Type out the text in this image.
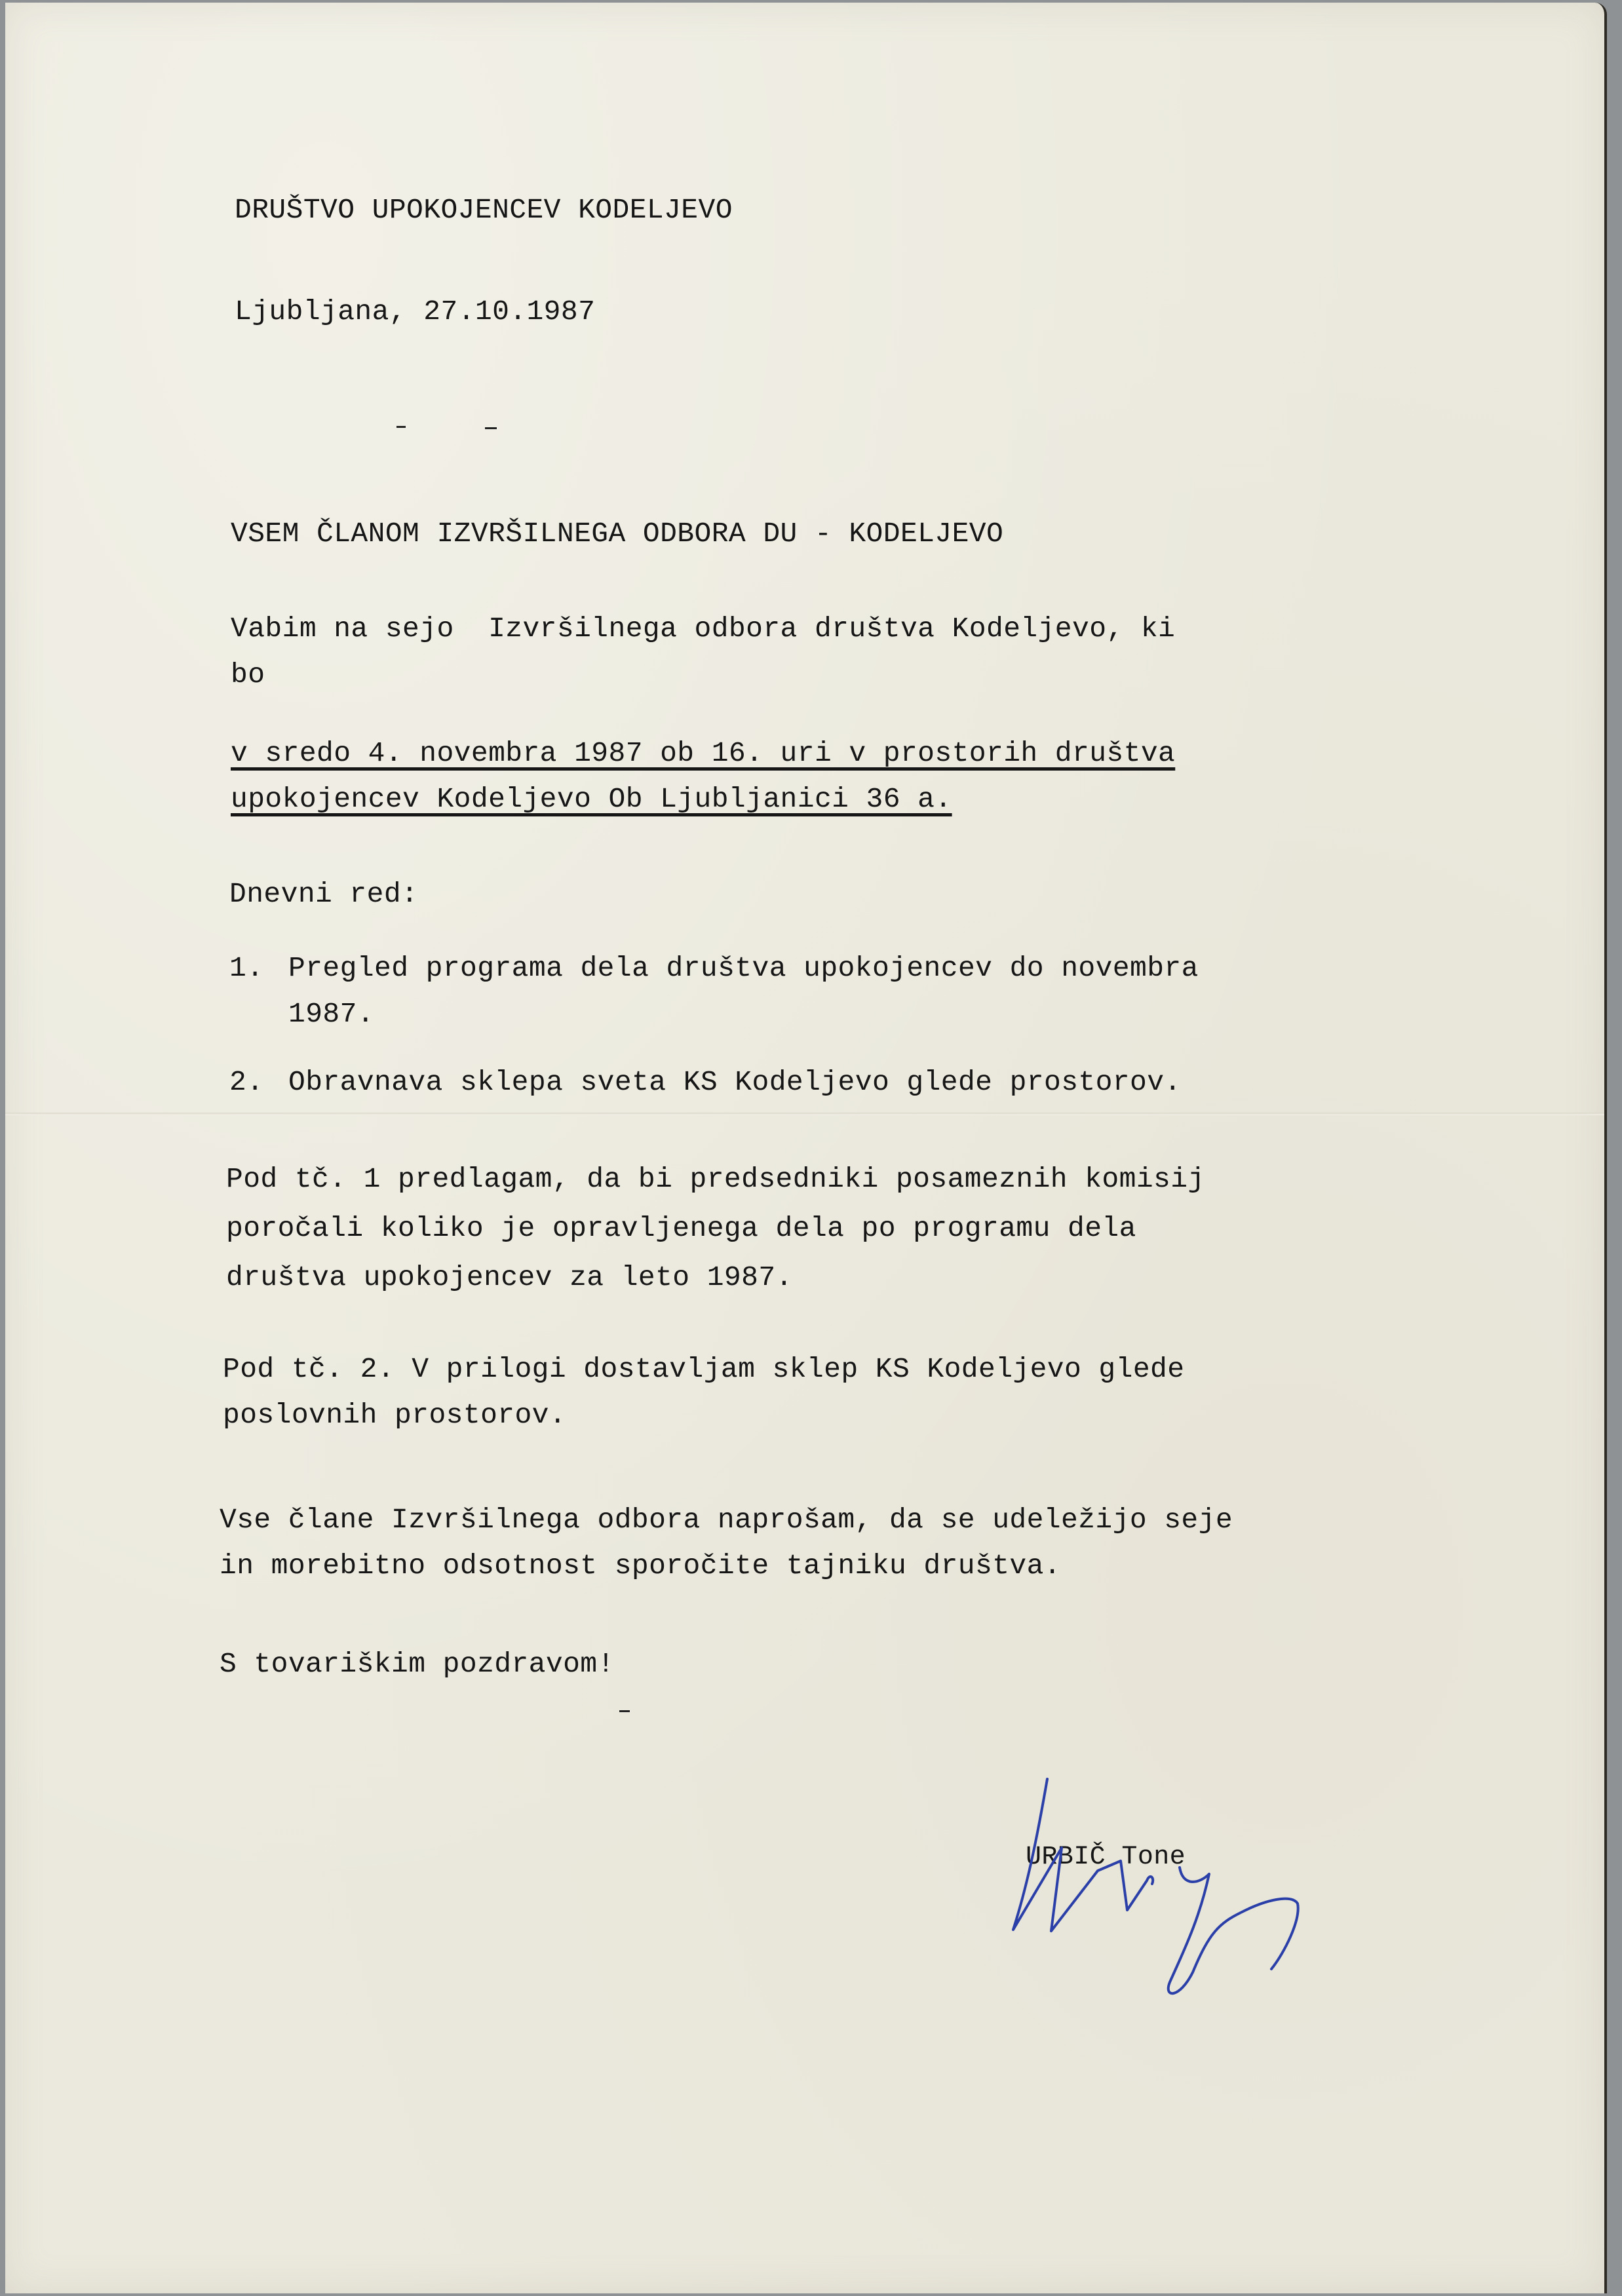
DRUŠTVO UPOKOJENCEV KODELJEVO
Ljubljana, 27.10.1987
VSEM ČLANOM IZVRŠILNEGA ODBORA DU - KODELJEVO
Vabim na sejo  Izvršilnega odbora društva Kodeljevo, ki
bo
v sredo 4. novembra 1987 ob 16. uri v prostorih društva
upokojencev Kodeljevo Ob Ljubljanici 36 a.
Dnevni red:
1. Pregled programa dela društva upokojencev do novembra
1987.
2. Obravnava sklepa sveta KS Kodeljevo glede prostorov.
Pod tč. 1 predlagam, da bi predsedniki posameznih komisij
poročali koliko je opravljenega dela po programu dela
društva upokojencev za leto 1987.
Pod tč. 2. V prilogi dostavljam sklep KS Kodeljevo glede
poslovnih prostorov.
Vse člane Izvršilnega odbora naprošam, da se udeležijo seje
in morebitno odsotnost sporočite tajniku društva.
S tovariškim pozdravom!
URBIČ Tone
